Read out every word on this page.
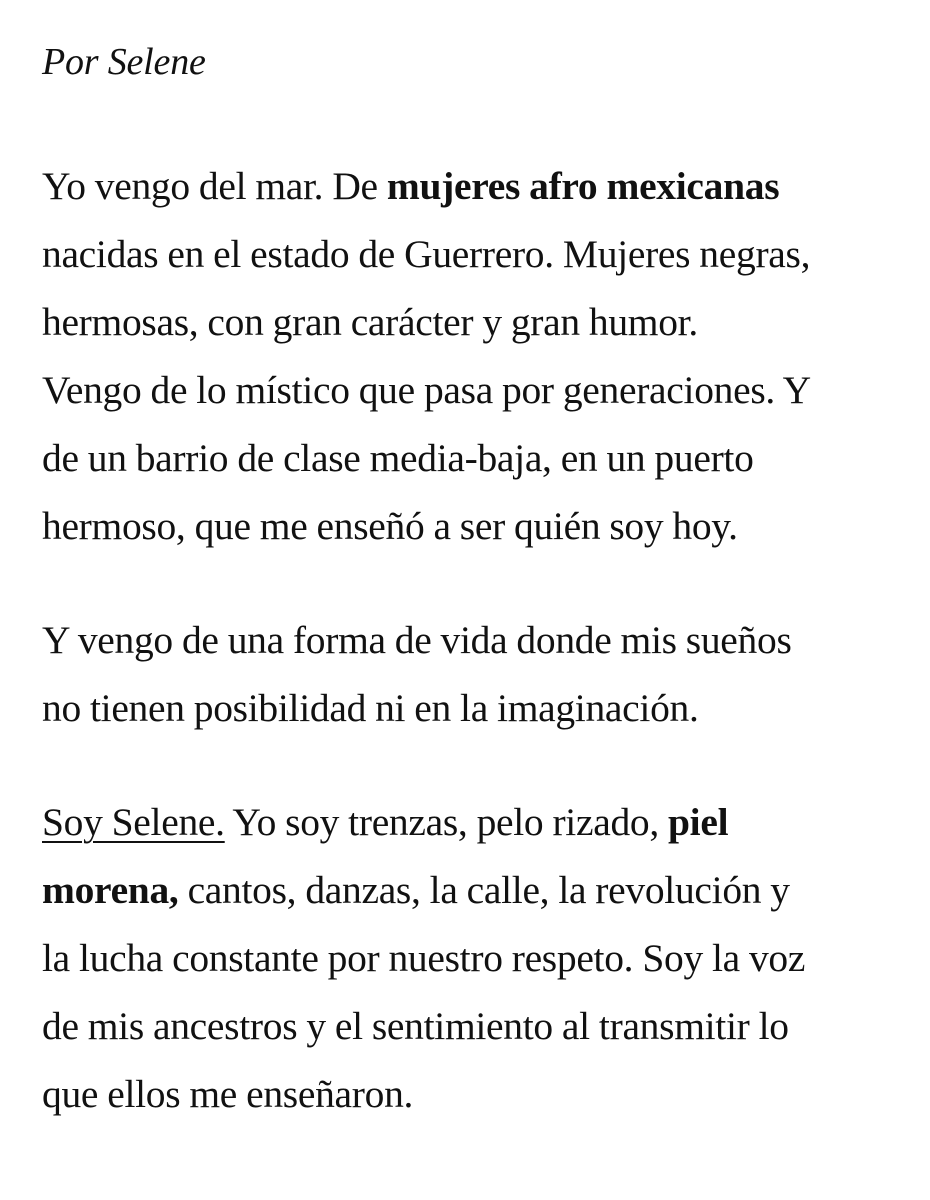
Por Selene

Yo vengo del mar. De mujeres afro mexicanas
nacidas en el estado de Guerrero. Mujeres negras,
hermosas, con gran carácter y gran humor.
Vengo de lo místico que pasa por generaciones. Y
de un barrio de clase media-baja, en un puerto
hermoso, que me enseñó a ser quién soy hoy.

Y vengo de una forma de vida donde mis sueños
no tienen posibilidad ni en la imaginación.

Soy Selene. Yo soy trenzas, pelo rizado, piel
morena, cantos, danzas, la calle, la revolución y
la lucha constante por nuestro respeto. Soy la voz
de mis ancestros y el sentimiento al transmitir lo
que ellos me enseñaron.
